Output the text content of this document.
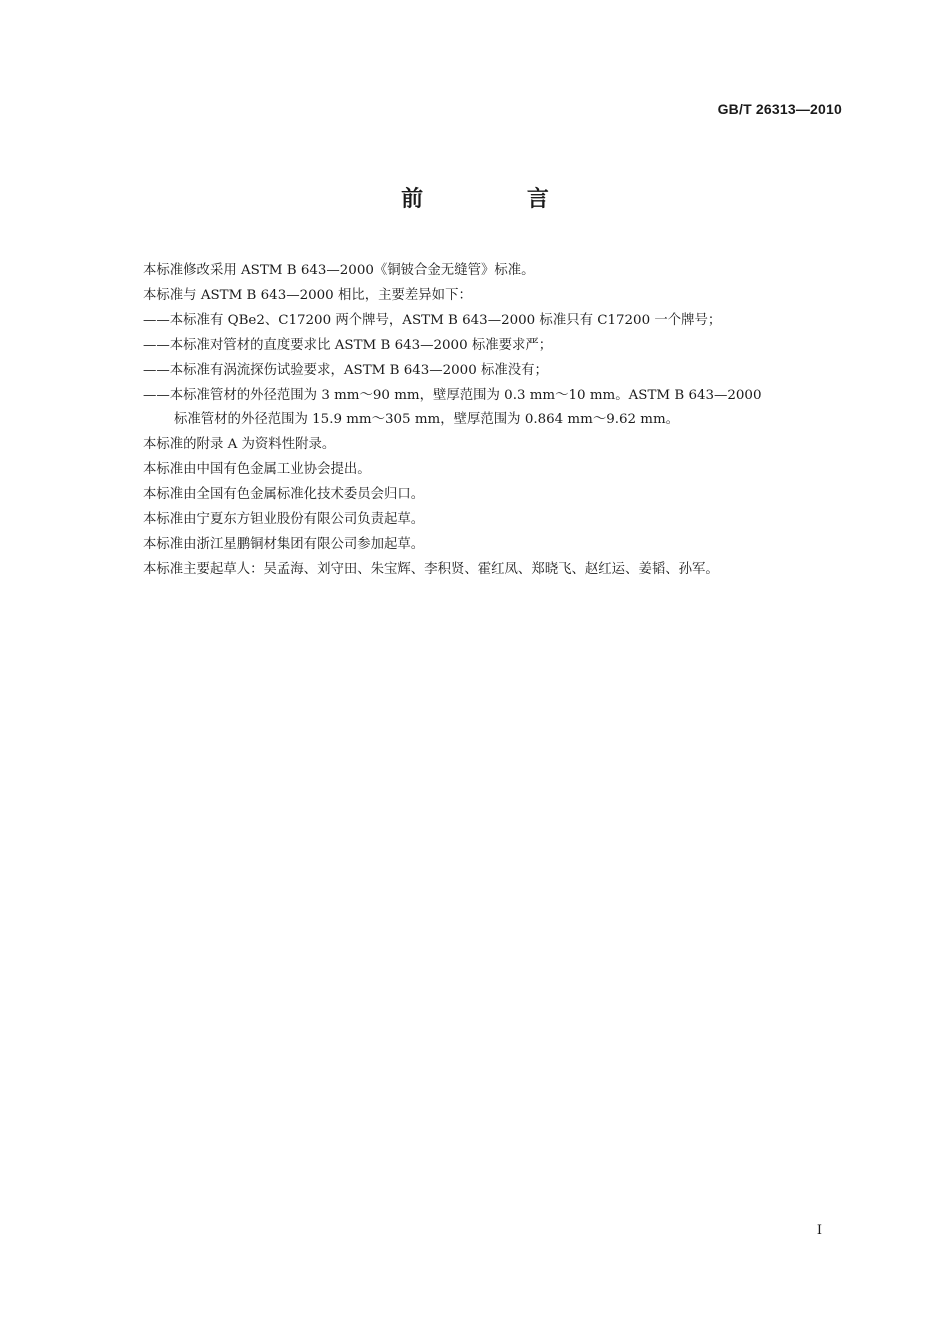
GB/T 26313—2010
前 言

本标准修改采用 ASTM B 643—2000《铜铍合金无缝管》标准。

本标准与 ASTM B 643—2000 相比，主要差异如下：

——本标准有 QBe2、C17200 两个牌号，ASTM B 643—2000 标准只有 C17200 一个牌号；

——本标准对管材的直度要求比 ASTM B 643—2000 标准要求严；

——本标准有涡流探伤试验要求，ASTM B 643—2000 标准没有；

——本标准管材的外径范围为 3 mm～90 mm，壁厚范围为 0.3 mm～10 mm。ASTM B 643—2000
标准管材的外径范围为 15.9 mm～305 mm，壁厚范围为 0.864 mm～9.62 mm。

本标准的附录 A 为资料性附录。

本标准由中国有色金属工业协会提出。

本标准由全国有色金属标准化技术委员会归口。

本标准由宁夏东方钽业股份有限公司负责起草。

本标准由浙江星鹏铜材集团有限公司参加起草。

本标准主要起草人：吴孟海、刘守田、朱宝辉、李积贤、霍红凤、郑晓飞、赵红运、姜韬、孙军。

I
